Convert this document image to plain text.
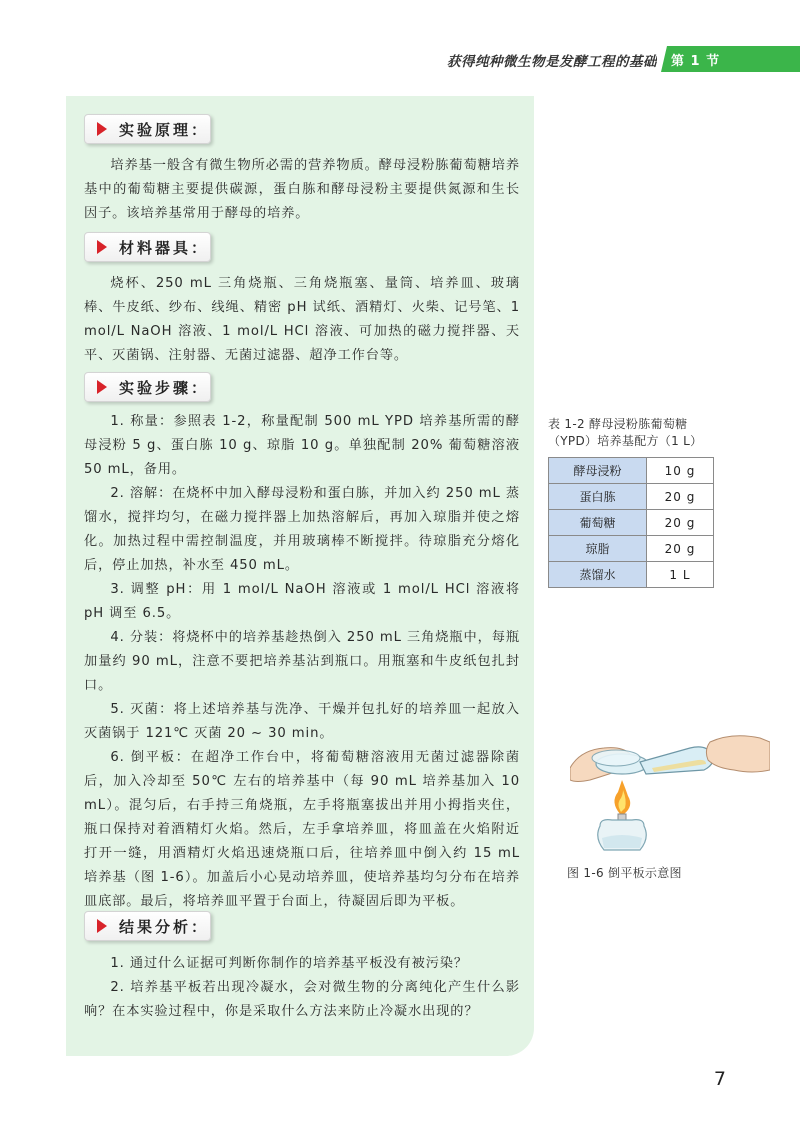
获得纯种微生物是发酵工程的基础 第 1 节
实验原理：

培养基一般含有微生物所必需的营养物质。酵母浸粉胨葡萄糖培养基中的葡萄糖主要提供碳源，蛋白胨和酵母浸粉主要提供氮源和生长因子。该培养基常用于酵母的培养。

材料器具：

烧杯、250 mL 三角烧瓶、三角烧瓶塞、量筒、培养皿、玻璃棒、牛皮纸、纱布、线绳、精密 pH 试纸、酒精灯、火柴、记号笔、1 mol/L NaOH 溶液、1 mol/L HCl 溶液、可加热的磁力搅拌器、天平、灭菌锅、注射器、无菌过滤器、超净工作台等。

实验步骤：

1. 称量：参照表 1-2，称量配制 500 mL YPD 培养基所需的酵母浸粉 5 g、蛋白胨 10 g、琼脂 10 g。单独配制 20% 葡萄糖溶液 50 mL，备用。

2. 溶解：在烧杯中加入酵母浸粉和蛋白胨，并加入约 250 mL 蒸馏水，搅拌均匀，在磁力搅拌器上加热溶解后，再加入琼脂并使之熔化。加热过程中需控制温度，并用玻璃棒不断搅拌。待琼脂充分熔化后，停止加热，补水至 450 mL。

3. 调整 pH：用 1 mol/L NaOH 溶液或 1 mol/L HCl 溶液将 pH 调至 6.5。

4. 分装：将烧杯中的培养基趁热倒入 250 mL 三角烧瓶中，每瓶加量约 90 mL，注意不要把培养基沾到瓶口。用瓶塞和牛皮纸包扎封口。

5. 灭菌：将上述培养基与洗净、干燥并包扎好的培养皿一起放入灭菌锅于 121℃ 灭菌 20 ~ 30 min。

6. 倒平板：在超净工作台中，将葡萄糖溶液用无菌过滤器除菌后，加入冷却至 50℃ 左右的培养基中（每 90 mL 培养基加入 10 mL）。混匀后，右手持三角烧瓶，左手将瓶塞拔出并用小拇指夹住，瓶口保持对着酒精灯火焰。然后，左手拿培养皿，将皿盖在火焰附近打开一缝，用酒精灯火焰迅速烧瓶口后，往培养皿中倒入约 15 mL 培养基（图 1-6）。加盖后小心晃动培养皿，使培养基均匀分布在培养皿底部。最后，将培养皿平置于台面上，待凝固后即为平板。

结果分析：

1. 通过什么证据可判断你制作的培养基平板没有被污染？

2. 培养基平板若出现冷凝水，会对微生物的分离纯化产生什么影响？在本实验过程中，你是采取什么方法来防止冷凝水出现的？

表 1-2 酵母浸粉胨葡萄糖
（YPD）培养基配方（1 L）
酵母浸粉	10 g
蛋白胨	20 g
葡萄糖	20 g
琼脂	20 g
蒸馏水	1 L
图 1-6 倒平板示意图
7
